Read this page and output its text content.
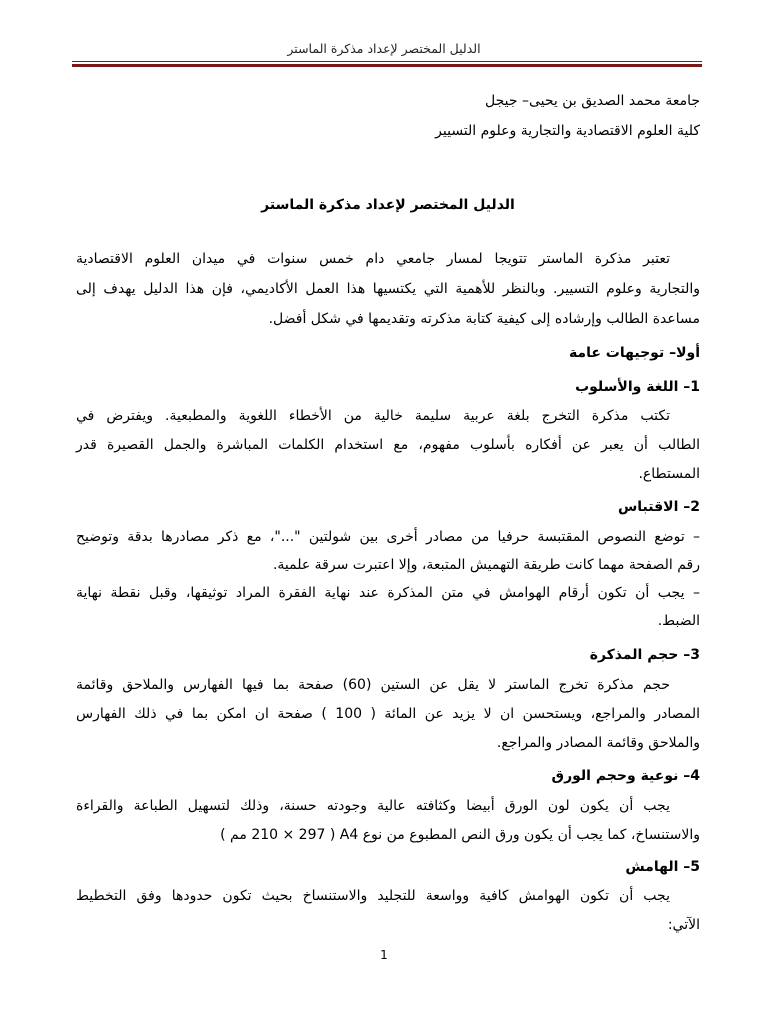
الدليل المختصر لإعداد مذكرة الماستر
جامعة محمد الصديق بن يحيى– جيجل
كلية العلوم الاقتصادية والتجارية وعلوم التسيير
الدليل المختصر لإعداد مذكرة الماستر
تعتبر مذكرة الماستر تتويجا لمسار جامعي دام خمس سنوات في ميدان العلوم الاقتصادية
والتجارية وعلوم التسيير. وبالنظر للأهمية التي يكتسيها هذا العمل الأكاديمي، فإن هذا الدليل يهدف إلى
مساعدة الطالب وإرشاده إلى كيفية كتابة مذكرته وتقديمها في شكل أفضل.
أولا– توجيهات عامة
1– اللغة والأسلوب
تكتب مذكرة التخرج بلغة عربية سليمة خالية من الأخطاء اللغوية والمطبعية. ويفترض في
الطالب أن يعبر عن أفكاره بأسلوب مفهوم، مع استخدام الكلمات المباشرة والجمل القصيرة قدر
المستطاع.
2– الاقتباس
– توضع النصوص المقتبسة حرفيا من مصادر أخرى بين شولتين "..."، مع ذكر مصادرها بدقة وتوضيح
رقم الصفحة مهما كانت طريقة التهميش المتبعة، وإلا اعتبرت سرقة علمية.
– يجب أن تكون أرقام الهوامش في متن المذكرة عند نهاية الفقرة المراد توثيقها، وقبل نقطة نهاية
الضبط.
3– حجم المذكرة
حجم مذكرة تخرج الماستر لا يقل عن الستين (60) صفحة بما فيها الفهارس والملاحق وقائمة
المصادر والمراجع، ويستحسن ان لا يزيد عن المائة ( 100 ) صفحة ان امكن بما في ذلك الفهارس
والملاحق وقائمة المصادر والمراجع.
4– نوعية وحجم الورق
يجب أن يكون لون الورق أبيضا وكثافته عالية وجودته حسنة، وذلك لتسهيل الطباعة والقراءة
والاستنساخ، كما يجب أن يكون ورق النص المطبوع من نوع A4 ( 210 × 297 مم )
5– الهامش
يجب أن تكون الهوامش كافية وواسعة للتجليد والاستنساخ بحيث تكون حدودها وفق التخطيط
الآتي:
1
